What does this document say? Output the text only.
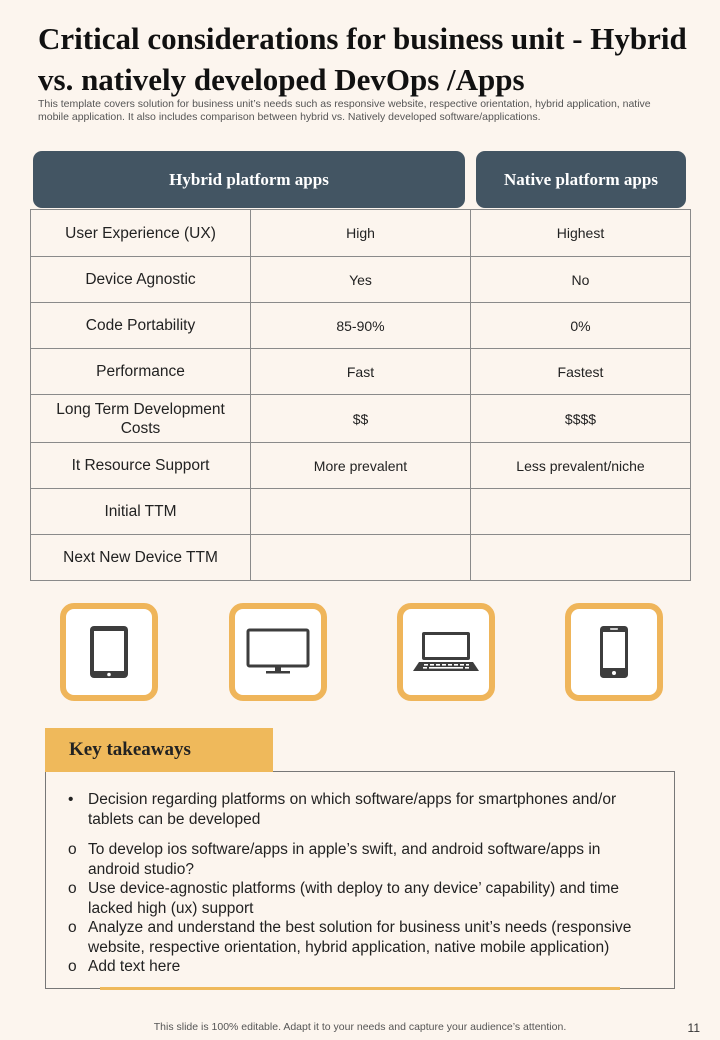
Critical considerations for business unit - Hybrid vs. natively developed DevOps /Apps

This template covers solution for business unit’s needs such as responsive website, respective orientation, hybrid application, native mobile application. It also includes comparison between hybrid vs. Natively developed software/applications.

Hybrid platform apps	Native platform apps
User Experience (UX)	High	Highest
Device Agnostic	Yes	No
Code Portability	85-90%	0%
Performance	Fast	Fastest
Long Term Development Costs	$$	$$$$
It Resource Support	More prevalent	Less prevalent/niche
Initial TTM		
Next New Device TTM		
• Decision regarding platforms on which software/apps for smartphones and/or tablets can be developed
o To develop ios software/apps in apple’s swift, and android software/apps in android studio?
o Use device-agnostic platforms (with deploy to any device’ capability) and time lacked high (ux) support
o Analyze and understand the best solution for business unit’s needs (responsive website, respective orientation, hybrid application, native mobile application)
o Add text here
Key takeaways
This slide is 100% editable. Adapt it to your needs and capture your audience’s attention.	11
